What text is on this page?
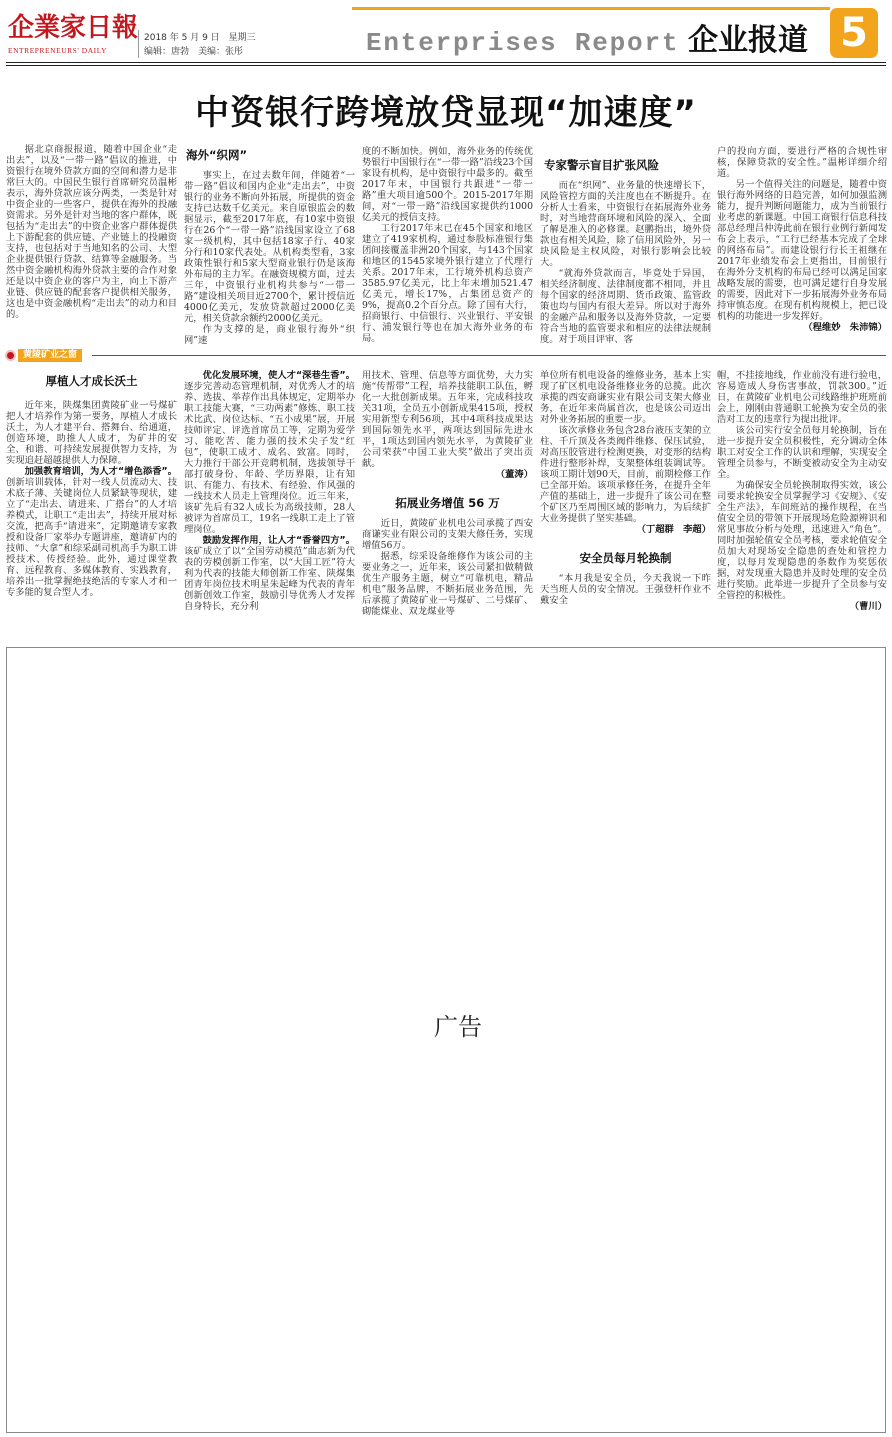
企業家日報
ENTREPRENEURS' DAILY
2018 年 5 月 9 日　星期三
编辑：唐勃　美编：张彤	Enterprises Report 企业报道 5
中资银行跨境放贷显现“加速度”

据北京商报报道，随着中国企业“走出去”，以及“一带一路”倡议的推进，中资银行在境外贷款方面的空间和潜力是非常巨大的。中国民生银行首席研究员温彬表示，海外贷款应该分两类，一类是针对中资企业的一些客户，提供在海外的投融资需求。另外是针对当地的客户群体，既包括为“走出去”的中资企业客户群体提供上下游配套的供应链、产业链上的投融资支持，也包括对于当地知名的公司、大型企业提供银行贷款、结算等金融服务。当然中资金融机构海外贷款主要的合作对象还是以中资企业的客户为主，向上下游产业链、供应链的配套客户提供相关服务，这也是中资金融机构“走出去”的动力和目的。

海外“织网”

事实上，在过去数年间，伴随着“一带一路”倡议和国内企业“走出去”，中资银行的业务不断向外拓展，所提供的资金支持已达数千亿美元。来自原银监会的数据显示，截至2017年底，有10家中资银行在26个“一带一路”沿线国家设立了68家一级机构，其中包括18家子行、40家分行和10家代表处。从机构类型看，3家政策性银行和5家大型商业银行仍是该海外布局的主力军。在融资规模方面，过去三年，中资银行业机构共参与“一带一路”建设相关项目近2700个，累计授信近4000亿美元，发放贷款超过2000亿美元，相关贷款余额约2000亿美元。

作为支撑的是，商业银行海外“织网”速

度的不断加快。例如，海外业务的传统优势银行中国银行在“一带一路”沿线23个国家设有机构，是中资银行中最多的。截至2017年末，中国银行共跟进“一带一路”重大项目逾500个。2015-2017年期间，对“一带一路”沿线国家提供约1000亿美元的授信支持。

工行2017年末已在45个国家和地区建立了419家机构，通过参股标准银行集团间接覆盖非洲20个国家，与143个国家和地区的1545家境外银行建立了代理行关系。2017年末，工行境外机构总资产3585.97亿美元，比上年末增加521.47亿美元，增长17%，占集团总资产的9%，提高0.2个百分点。除了国有大行，招商银行、中信银行、兴业银行、平安银行、浦发银行等也在加大海外业务的布局。

专家警示盲目扩张风险

而在“织网”、业务量的快速增长下，风险管控方面的关注度也在不断提升。在分析人士看来，中资银行在拓展海外业务时，对当地营商环境和风险的深入、全面了解是准入的必修课。赵鹏指出，境外贷款也有相关风险，除了信用风险外，另一块风险是主权风险，对银行影响会比较大。

“就海外贷款而言，毕竟处于异国，相关经济制度、法律制度都不相同，并且每个国家的经济周期、货币政策、监管政策也均与国内有很大差异。所以对于海外的金融产品和服务以及海外贷款，一定要符合当地的监管要求和相应的法律法规制度。对于项目评审、客

户的投向方面，要进行严格的合规性审核，保障贷款的安全性。”温彬详细介绍道。

另一个值得关注的问题是，随着中资银行海外网络的日趋完善，如何加强监测能力，提升判断问题能力，成为当前银行业考虑的新课题。中国工商银行信息科技部总经理吕仲涛此前在银行业例行新闻发布会上表示，“工行已经基本完成了全球的网络布局”。而建设银行行长王祖继在2017年业绩发布会上更指出，目前银行在海外分支机构的布局已经可以满足国家战略发展的需要，也可满足建行自身发展的需要，因此对下一步拓展海外业务布局持审慎态度。在现有机构规模上，把已设机构的功能进一步发挥好。

（程维妙　朱沛锦）
黄陵矿业之窗
厚植人才成长沃土

近年来，陕煤集团黄陵矿业一号煤矿把人才培养作为第一要务，厚植人才成长沃土，为人才建平台、搭舞台、给通道，创造环境，助推人人成才，为矿井的安全、和谐、可持续发展提供智力支持，为实现追赶超越提供人力保障。

加强教育培训，为人才“增色添香”。创新培训载体，针对一线人员流动大、技术底子薄、关键岗位人员紧缺等现状，建立了“走出去、请进来、广搭台”的人才培养模式，让职工“走出去”，持续开展对标交流，把高手“请进来”，定期邀请专家教授和设备厂家举办专题讲座，邀请矿内的技师、“大拿”和综采副司机高手为职工讲授技术、传授经验。此外，通过课堂教育、远程教育、多媒体教育、实践教育，培养出一批掌握绝技绝活的专家人才和一专多能的复合型人才。

优化发展环境，使人才“深巷生香”。逐步完善动态管理机制，对优秀人才的培养、选拔、举荐作出具体规定，定期举办职工技能大赛，“三功两素”修炼、职工技术比武、岗位达标、“五小成果”展，开展技师评定、评选首席员工等，定期为爱学习、能吃苦、能力强的技术尖子发“红包”，使职工成才、成名、致富。同时，大力推行干部公开竞聘机制，选拔领导干部打破身份、年龄、学历界限，让有知识、有能力、有技术、有经验、作风强的一线技术人员走上管理岗位。近三年来，该矿先后有32人成长为高级技师，28人被评为首席员工，19名一线职工走上了管理岗位。

鼓励发挥作用，让人才“香誉四方”。该矿成立了以“全国劳动模范”曲志新为代表的劳模创新工作室，以“大国工匠”符大利为代表的技能大师创新工作室、陕煤集团青年岗位技术明星朱起峰为代表的青年创新创效工作室，鼓励引导优秀人才发挥自身特长，充分利

用技术、管理、信息等方面优势，大力实施“传帮带”工程，培养技能职工队伍，孵化一大批创新成果。五年来，完成科技攻关31项，全员五小创新成果415项，授权实用新型专利56项，其中4项科技成果达到国际领先水平，两项达到国际先进水平，1项达到国内领先水平，为黄陵矿业公司荣获“中国工业大奖”做出了突出贡献。

（董涛）
拓展业务增值 56 万

近日，黄陵矿业机电公司承揽了西安商谦实业有限公司的支架大修任务，实现增值56万。

据悉，综采设备维修作为该公司的主要业务之一，近年来，该公司紧扣做精做优生产服务主题，树立“可靠机电，精品机电”服务品牌，不断拓展业务范围，先后承揽了黄陵矿业一号煤矿、二号煤矿、砌能煤业、双龙煤业等

单位所有机电设备的维修业务，基本上实现了矿区机电设备维修业务的总揽。此次承揽的西安商谦实业有限公司支架大修业务，在近年来尚属首次，也是该公司迈出对外业务拓展的重要一步。

该次承修业务包含28台液压支架的立柱、千斤顶及各类阀件维修、保压试验，对高压胶管进行检测更换，对变形的结构件进行整形补焊，支架整体组装调试等。该项工期计划90天，目前，前期检修工作已全部开始。该项承修任务，在提升全年产值的基础上，进一步提升了该公司在整个矿区乃至周围区域的影响力，为后续扩大业务提供了坚实基础。

（丁超群　李超）
安全员每月轮换制

“本月我是安全员，今天我说一下昨天当班人员的安全情况。王强登杆作业不戴安全

帽，不挂接地线，作业前没有进行验电，容易造成人身伤害事故，罚款300。”近日，在黄陵矿业机电公司线路维护班班前会上，刚刚由普通职工轮换为安全员的张浩对工友的违章行为提出批评。

该公司实行安全员每月轮换制，旨在进一步提升安全员积极性，充分调动全体职工对安全工作的认识和理解，实现安全管理全员参与，不断变被动安全为主动安全。

为确保安全员轮换制取得实效，该公司要求轮换安全员掌握学习《安规》、《安全生产法》，车间班站的操作规程，在当值安全员的带领下开展现场危险源辨识和常见事故分析与处理，迅速进入“角色”。同时加强轮值安全员考核，要求轮值安全员加大对现场安全隐患的查处和管控力度，以每月发现隐患的条数作为奖惩依据，对发现重大隐患并及时处理的安全员进行奖励。此举进一步提升了全员参与安全管控的积极性。

（曹川）
广告
